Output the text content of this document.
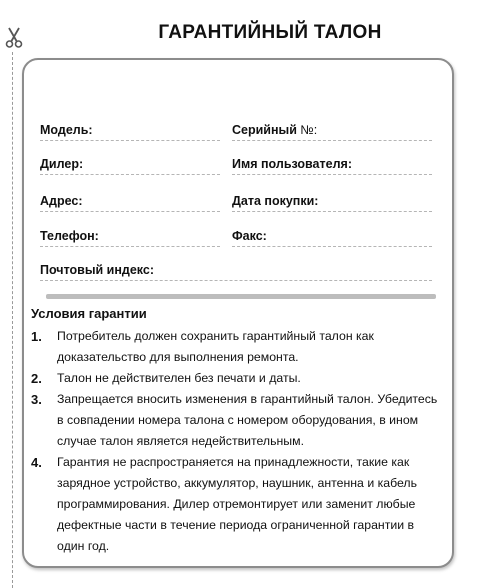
ГАРАНТИЙНЫЙ ТАЛОН
Модель:	Серийный №:
Дилер:	Имя пользователя:
Адрес:	Дата покупки:
Телефон:	Факс:
Почтовый индекс:
Условия гарантии
1.	Потребитель должен сохранить гарантийный талон как доказательство для выполнения ремонта.
2.	Талон не действителен без печати и даты.
3.	Запрещается вносить изменения в гарантийный талон. Убедитесь в совпадении номера талона с номером оборудования, в ином случае талон является недействительным.
4.	Гарантия не распространяется на принадлежности, такие как зарядное устройство, аккумулятор, наушник, антенна и кабель программирования. Дилер отремонтирует или заменит любые дефектные части в течение периода ограниченной гарантии в один год.
